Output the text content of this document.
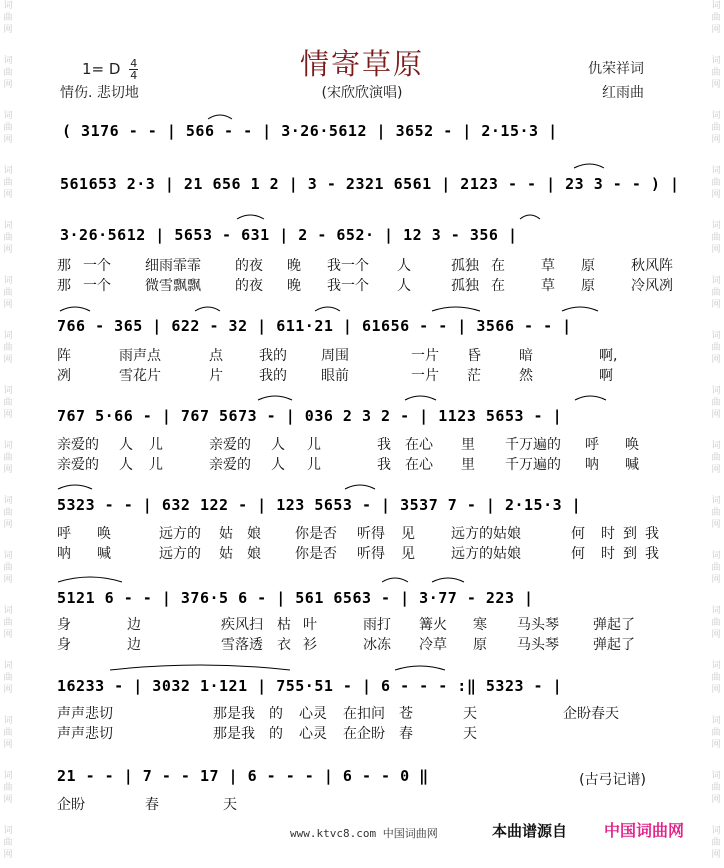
词
曲
网
词
曲
网
词
曲
网
词
曲
网
词
曲
网
词
曲
网
词
曲
网
词
曲
网
词
曲
网
词
曲
网
词
曲
网
词
曲
网
词
曲
网
词
曲
网
词
曲
网
词
曲
网
词
曲
网
词
曲
网
词
曲
网
词
曲
网
词
曲
网
词
曲
网
词
曲
网
词
曲
网
词
曲
网
词
曲
网
词
曲
网
词
曲
网
词
曲
网
词
曲
网
词
曲
网
词
曲
网
情寄草原
1= D $\frac{4}{4}$
情伤. 悲切地	(宋欣欣演唱)
仇荣祥词
红雨曲
( 3176 - - | 566 - - | 3·26·5612 | 3652 - | 2·15·3 |
561653 2·3 | 21 656 1 2 | 3 - 2321 6561 | 2123 - - | 23 3 - - ) |
3·26·5612 | 5653 - 631 | 2 - 652· | 12 3 - 356 |
那 一个	细雨霏霏	的夜	晚	我一个	人	孤独 在	草	原	秋风阵
那 一个	微雪飘飘	的夜	晚	我一个	人	孤独 在	草	原	冷风冽
766 - 365 | 622 - 32 | 611·21 | 61656 - - | 3566 - - |
阵	雨声点	点	我的	周围	一片	昏	暗	啊,
冽	雪花片	片	我的	眼前	一片	茫	然	啊
767 5·66 - | 767 5673 - | 036 2 3 2 - | 1123 5653 - |
亲爱的	人	儿	亲爱的	人	儿	我	在心	里	千万遍的	呼	唤
亲爱的	人	儿	亲爱的	人	儿	我	在心	里	千万遍的	呐	喊
5323 - - | 632 122 - | 123 5653 - | 3537 7 - | 2·15·3 |
呼	唤	远方的	姑	娘	你是否	听得	见	远方的姑娘	何	时 到 我
呐	喊	远方的	姑	娘	你是否	听得	见	远方的姑娘	何	时 到 我
5121 6 - - | 376·5 6 - | 561 6563 - | 3·77 - 223 |
身	边	疾风扫	枯 叶	雨打	篝火	寒	马头琴	弹起了
身	边	雪落透	衣 衫	冰冻	冷草	原	马头琴	弹起了
16233 - | 3032 1·121 | 755·51 - | 6 - - - :‖ 5323 - |
声声悲切	那是我	的	心灵	在扣问	苍	天	企盼春天
声声悲切	那是我	的	心灵	在企盼	春	天
21 - - | 7 - - 17 | 6 - - - | 6 - - 0 ‖	(古弓记谱)
企盼	春	天
www.ktvc8.com 中国词曲网	本曲谱源自 中国词曲网
